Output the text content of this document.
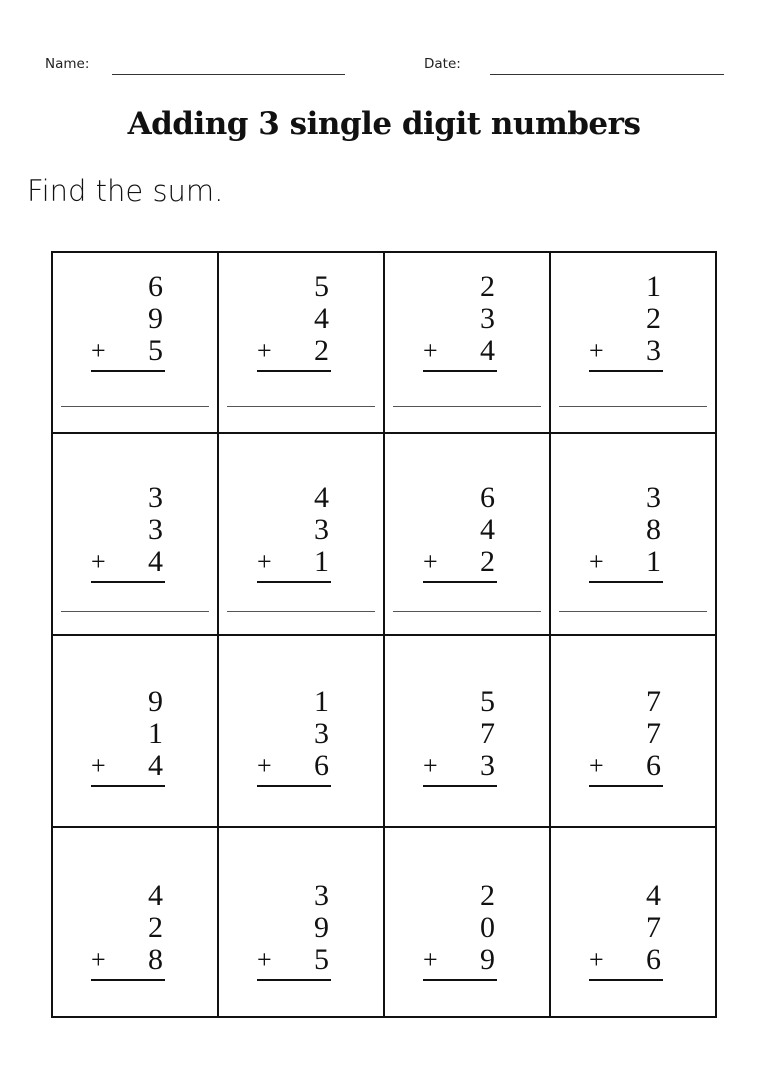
Name:	Date:
Adding 3 single digit numbers
Find the sum.
6
9
+	5
5
4
+	2
2
3
+	4
1
2
+	3
3
3
+	4
4
3
+	1
6
4
+	2
3
8
+	1
9
1
+	4
1
3
+	6
5
7
+	3
7
7
+	6
4
2
+	8
3
9
+	5
2
0
+	9
4
7
+	6
